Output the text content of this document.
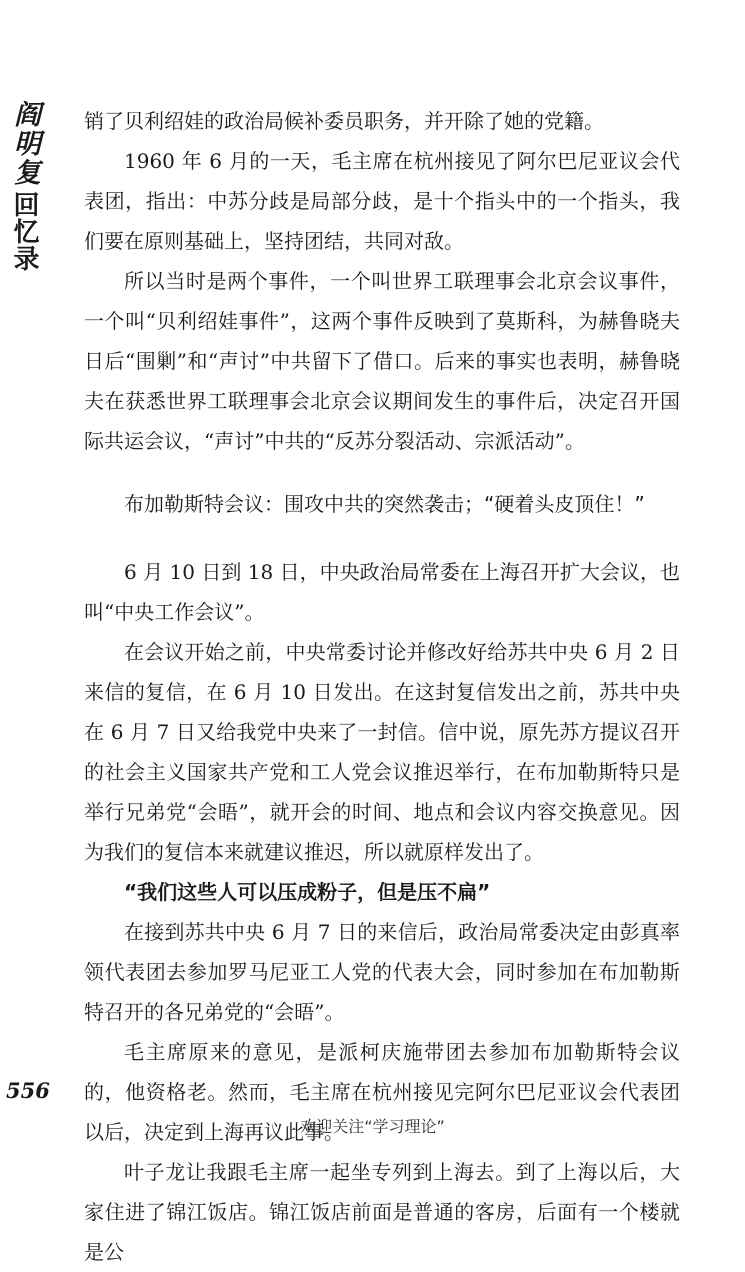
阎明复
回忆录

销了贝利绍娃的政治局候补委员职务，并开除了她的党籍。

1960 年 6 月的一天，毛主席在杭州接见了阿尔巴尼亚议会代表团，指出：中苏分歧是局部分歧，是十个指头中的一个指头，我们要在原则基础上，坚持团结，共同对敌。

所以当时是两个事件，一个叫世界工联理事会北京会议事件，一个叫“贝利绍娃事件”，这两个事件反映到了莫斯科，为赫鲁晓夫日后“围剿”和“声讨”中共留下了借口。后来的事实也表明，赫鲁晓夫在获悉世界工联理事会北京会议期间发生的事件后，决定召开国际共运会议，“声讨”中共的“反苏分裂活动、宗派活动”。

布加勒斯特会议：围攻中共的突然袭击；“硬着头皮顶住！”

6 月 10 日到 18 日，中央政治局常委在上海召开扩大会议，也叫“中央工作会议”。

在会议开始之前，中央常委讨论并修改好给苏共中央 6 月 2 日来信的复信，在 6 月 10 日发出。在这封复信发出之前，苏共中央在 6 月 7 日又给我党中央来了一封信。信中说，原先苏方提议召开的社会主义国家共产党和工人党会议推迟举行，在布加勒斯特只是举行兄弟党“会晤”，就开会的时间、地点和会议内容交换意见。因为我们的复信本来就建议推迟，所以就原样发出了。

“我们这些人可以压成粉子，但是压不扁”

在接到苏共中央 6 月 7 日的来信后，政治局常委决定由彭真率领代表团去参加罗马尼亚工人党的代表大会，同时参加在布加勒斯特召开的各兄弟党的“会晤”。

毛主席原来的意见，是派柯庆施带团去参加布加勒斯特会议的，他资格老。然而，毛主席在杭州接见完阿尔巴尼亚议会代表团以后，决定到上海再议此事。

叶子龙让我跟毛主席一起坐专列到上海去。到了上海以后，大家住进了锦江饭店。锦江饭店前面是普通的客房，后面有一个楼就是公

556
欢迎关注“学习理论”
